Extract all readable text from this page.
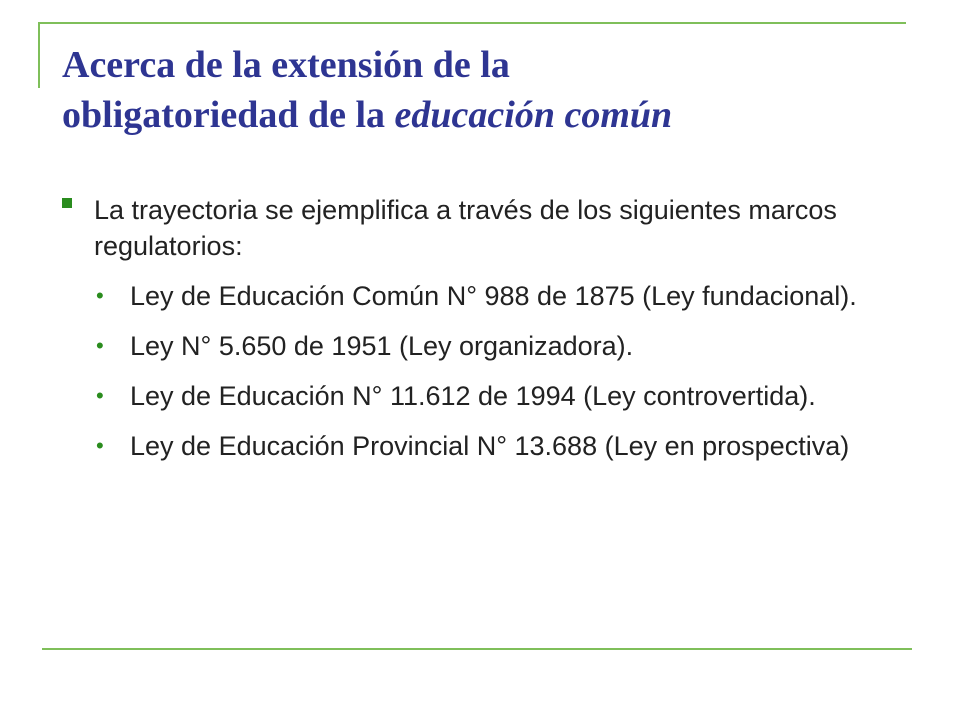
Acerca de la extensión de la
obligatoriedad de la educación común
La trayectoria se ejemplifica a través de los siguientes marcos regulatorios:
• Ley de Educación Común N° 988 de 1875 (Ley fundacional).
• Ley N° 5.650 de 1951 (Ley organizadora).
• Ley de Educación N° 11.612 de 1994 (Ley controvertida).
• Ley de Educación Provincial N° 13.688 (Ley en prospectiva)
